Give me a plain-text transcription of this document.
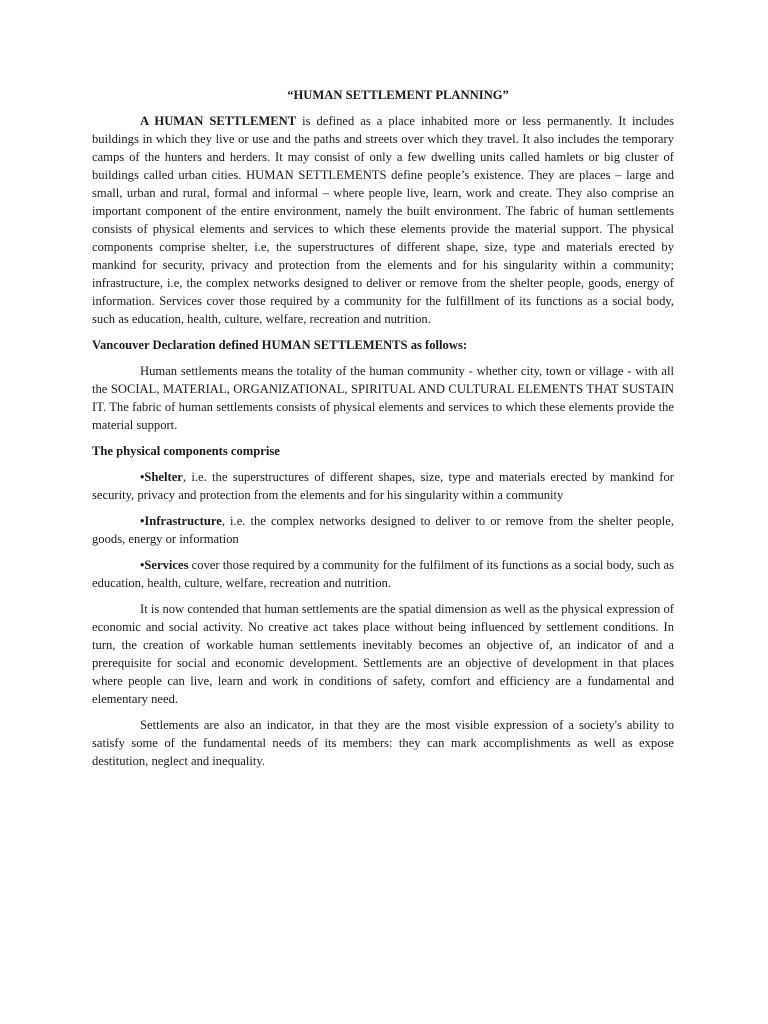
“HUMAN SETTLEMENT PLANNING”

A HUMAN SETTLEMENT is defined as a place inhabited more or less permanently. It includes buildings in which they live or use and the paths and streets over which they travel. It also includes the temporary camps of the hunters and herders. It may consist of only a few dwelling units called hamlets or big cluster of buildings called urban cities. HUMAN SETTLEMENTS define people’s existence. They are places – large and small, urban and rural, formal and informal – where people live, learn, work and create. They also comprise an important component of the entire environment, namely the built environment. The fabric of human settlements consists of physical elements and services to which these elements provide the material support. The physical components comprise shelter, i.e, the superstructures of different shape, size, type and materials erected by mankind for security, privacy and protection from the elements and for his singularity within a community; infrastructure, i.e, the complex networks designed to deliver or remove from the shelter people, goods, energy of information. Services cover those required by a community for the fulfillment of its functions as a social body, such as education, health, culture, welfare, recreation and nutrition.

Vancouver Declaration defined HUMAN SETTLEMENTS as follows:

Human settlements means the totality of the human community - whether city, town or village - with all the SOCIAL, MATERIAL, ORGANIZATIONAL, SPIRITUAL AND CULTURAL ELEMENTS THAT SUSTAIN IT. The fabric of human settlements consists of physical elements and services to which these elements provide the material support.

The physical components comprise

•Shelter, i.e. the superstructures of different shapes, size, type and materials erected by mankind for security, privacy and protection from the elements and for his singularity within a community

•Infrastructure, i.e. the complex networks designed to deliver to or remove from the shelter people, goods, energy or information

•Services cover those required by a community for the fulfilment of its functions as a social body, such as education, health, culture, welfare, recreation and nutrition.

It is now contended that human settlements are the spatial dimension as well as the physical expression of economic and social activity. No creative act takes place without being influenced by settlement conditions. In turn, the creation of workable human settlements inevitably becomes an objective of, an indicator of and a prerequisite for social and economic development. Settlements are an objective of development in that places where people can live, learn and work in conditions of safety, comfort and efficiency are a fundamental and elementary need.

Settlements are also an indicator, in that they are the most visible expression of a society's ability to satisfy some of the fundamental needs of its members: they can mark accomplishments as well as expose destitution, neglect and inequality.
